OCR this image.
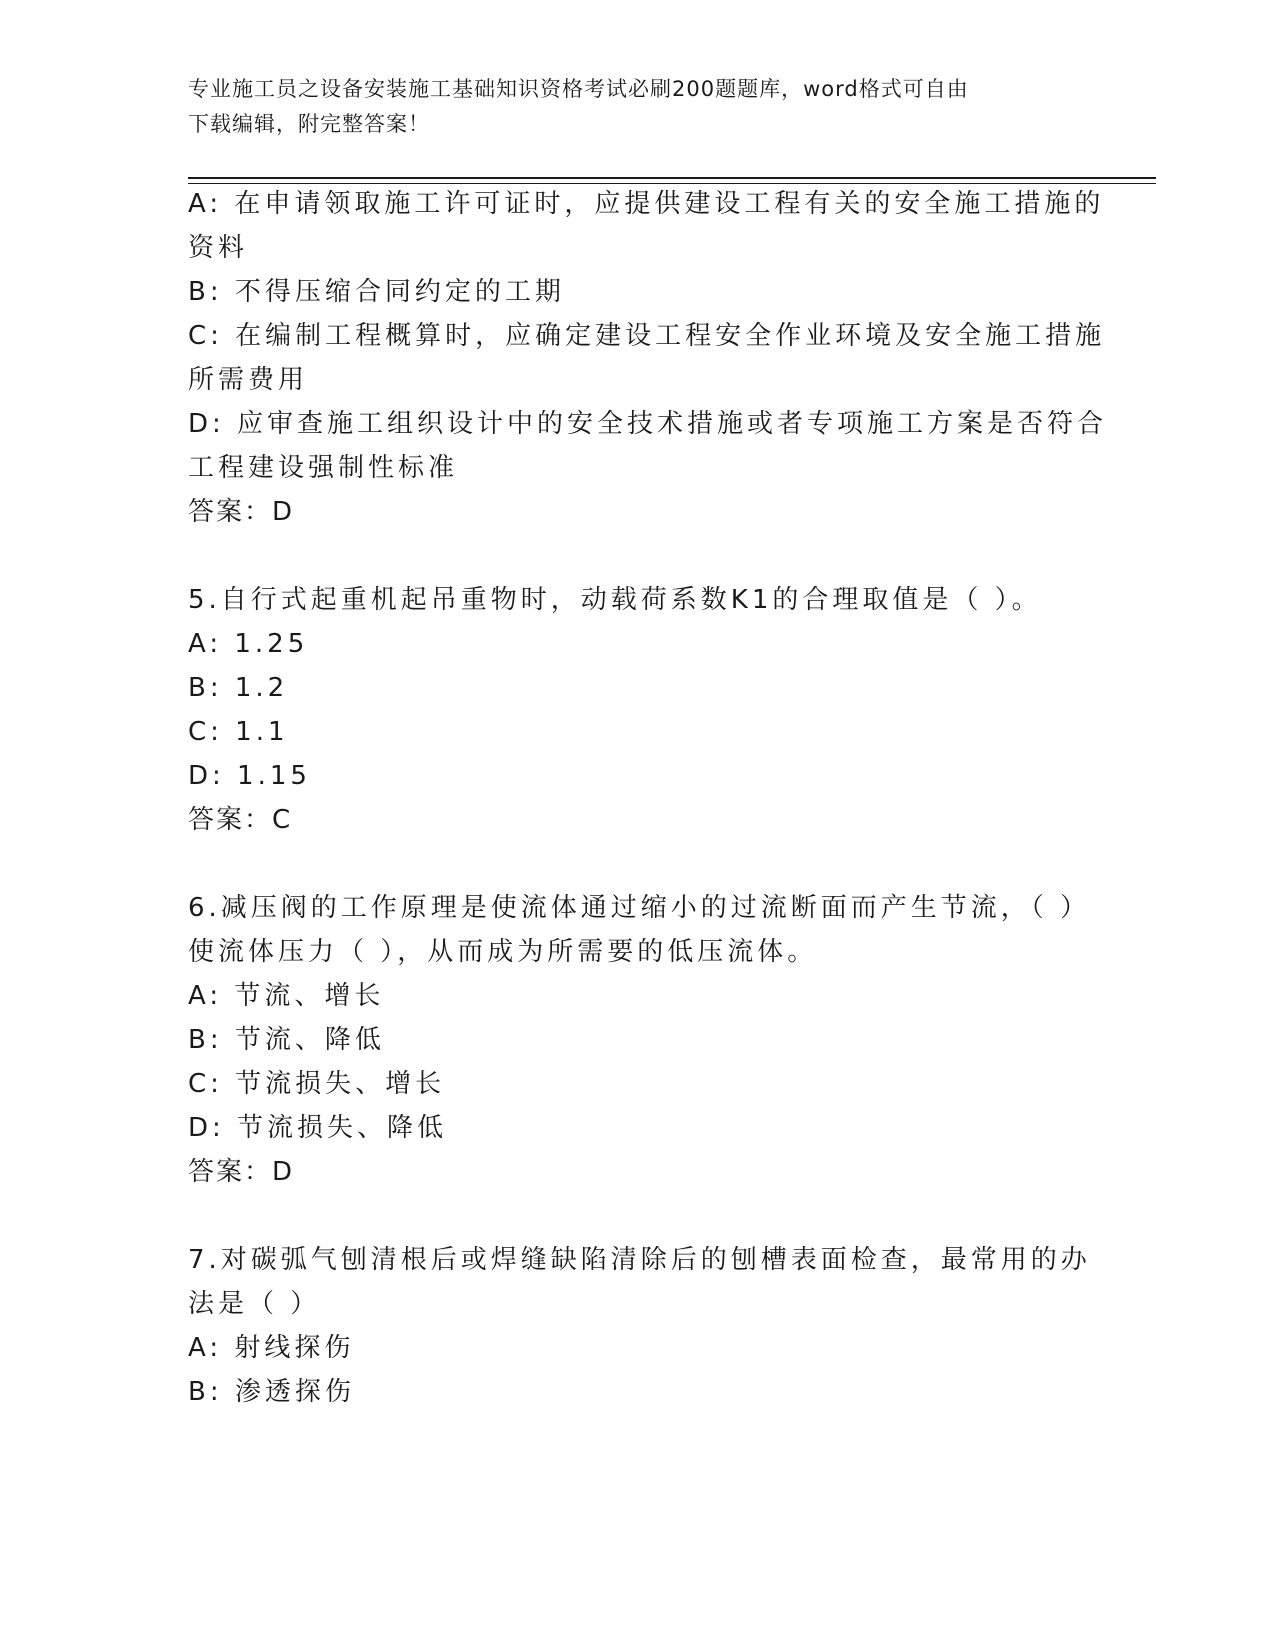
专业施工员之设备安装施工基础知识资格考试必刷200题题库，word格式可自由
下载编辑，附完整答案！
A: 在申请领取施工许可证时，应提供建设工程有关的安全施工措施的
资料
B: 不得压缩合同约定的工期
C: 在编制工程概算时，应确定建设工程安全作业环境及安全施工措施
所需费用
D: 应审查施工组织设计中的安全技术措施或者专项施工方案是否符合
工程建设强制性标准
答案：D
5.自行式起重机起吊重物时，动载荷系数K1的合理取值是（ ）。
A: 1.25
B: 1.2
C: 1.1
D: 1.15
答案：C
6.减压阀的工作原理是使流体通过缩小的过流断面而产生节流，（ ）
使流体压力（ ），从而成为所需要的低压流体。
A: 节流、增长
B: 节流、降低
C: 节流损失、增长
D: 节流损失、降低
答案：D
7.对碳弧气刨清根后或焊缝缺陷清除后的刨槽表面检查，最常用的办
法是（ ）
A: 射线探伤
B: 渗透探伤
